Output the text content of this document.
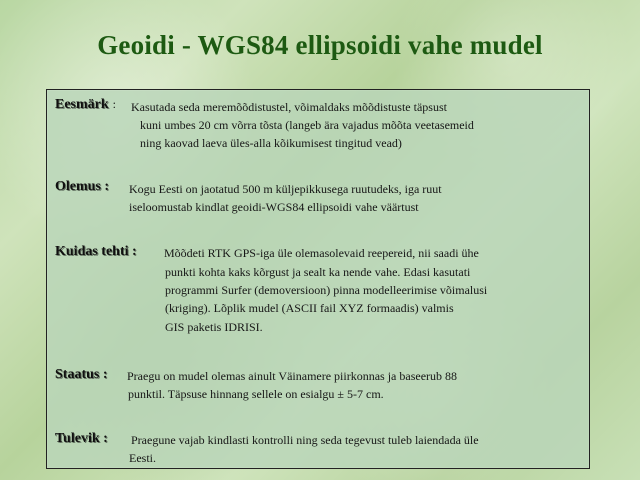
Geoidi - WGS84 ellipsoidi vahe mudel
Eesmärk : Kasutada seda meremõõdistustel, võimaldaks mõõdistuste täpsust
kuni umbes 20 cm võrra tõsta (langeb ära vajadus mõõta veetasemeid
ning kaovad laeva üles-alla kõikumisest tingitud vead)
Olemus : Kogu Eesti on jaotatud 500 m küljepikkusega ruutudeks, iga ruut
iseloomustab kindlat geoidi-WGS84 ellipsoidi vahe väärtust
Kuidas tehti : Mõõdeti RTK GPS-iga üle olemasolevaid reepereid, nii saadi ühe
punkti kohta kaks kõrgust ja sealt ka nende vahe. Edasi kasutati
programmi Surfer (demoversioon) pinna modelleerimise võimalusi
(kriging). Lõplik mudel (ASCII fail XYZ formaadis) valmis
GIS paketis IDRISI.
Staatus : Praegu on mudel olemas ainult Väinamere piirkonnas ja baseerub 88
punktil. Täpsuse hinnang sellele on esialgu ± 5-7 cm.
Tulevik : Praegune vajab kindlasti kontrolli ning seda tegevust tuleb laiendada üle
Eesti.
